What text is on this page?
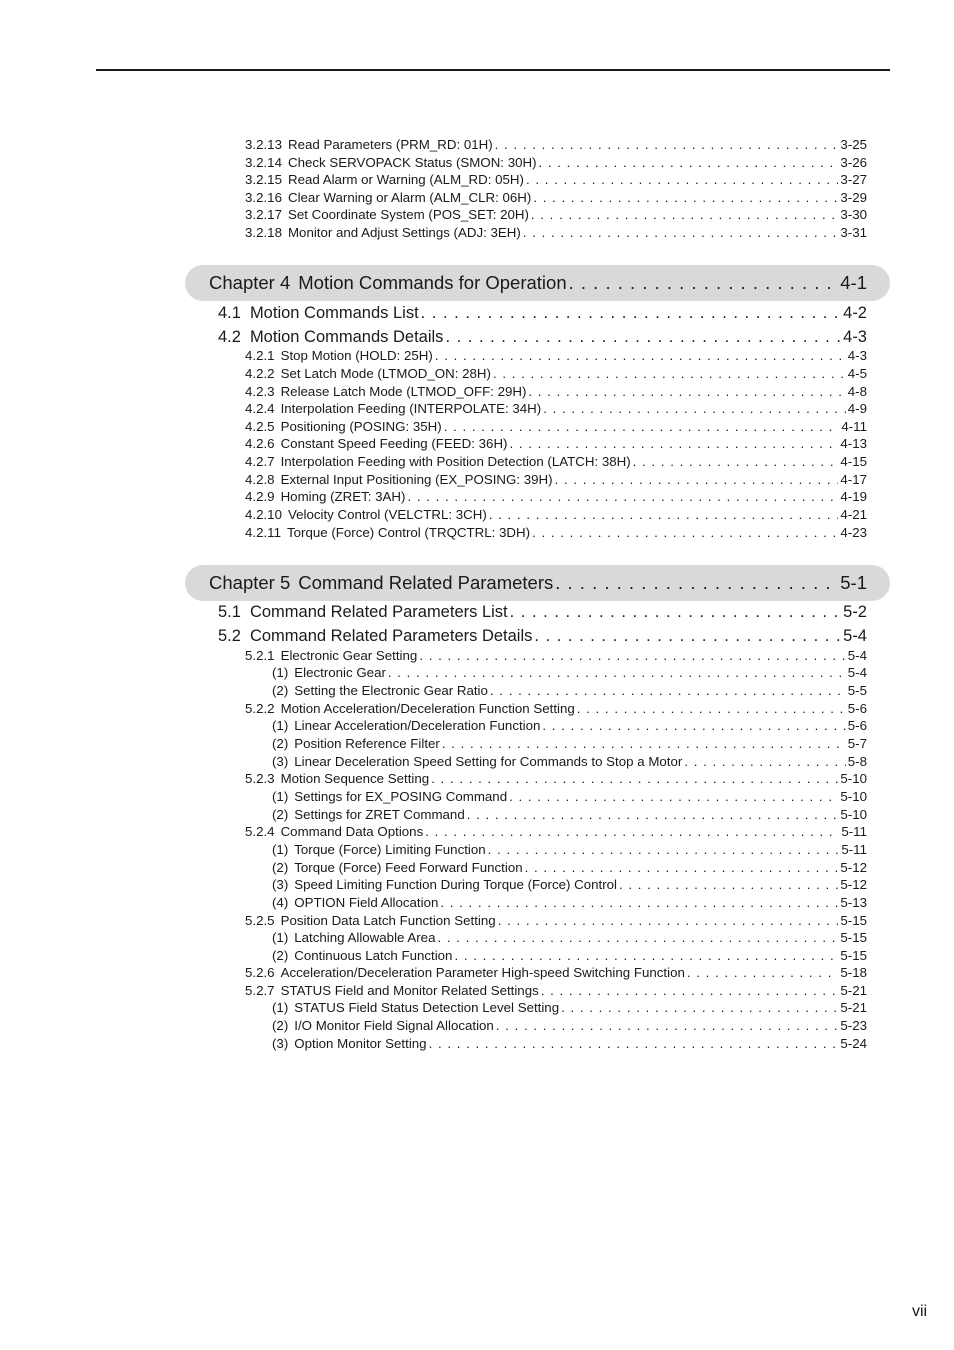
3.2.13 Read Parameters (PRM_RD: 01H) . . .	3-25
3.2.14 Check SERVOPACK Status (SMON: 30H) . . .	3-26
3.2.15 Read Alarm or Warning (ALM_RD: 05H) . . .	3-27
3.2.16 Clear Warning or Alarm (ALM_CLR: 06H) . . .	3-29
3.2.17 Set Coordinate System (POS_SET: 20H) . . .	3-30
3.2.18 Monitor and Adjust Settings (ADJ: 3EH) . . .	3-31
Chapter 4 Motion Commands for Operation . . .	4-1
4.1 Motion Commands List . . .	4-2
4.2 Motion Commands Details . . .	4-3
4.2.1 Stop Motion (HOLD: 25H) . . .	4-3
4.2.2 Set Latch Mode (LTMOD_ON: 28H) . . .	4-5
4.2.3 Release Latch Mode (LTMOD_OFF: 29H) . . .	4-8
4.2.4 Interpolation Feeding (INTERPOLATE: 34H) . . .	4-9
4.2.5 Positioning (POSING: 35H) . . .	4-11
4.2.6 Constant Speed Feeding (FEED: 36H) . . .	4-13
4.2.7 Interpolation Feeding with Position Detection (LATCH: 38H) . . .	4-15
4.2.8 External Input Positioning (EX_POSING: 39H) . . .	4-17
4.2.9 Homing (ZRET: 3AH) . . .	4-19
4.2.10 Velocity Control (VELCTRL: 3CH) . . .	4-21
4.2.11 Torque (Force) Control (TRQCTRL: 3DH) . . .	4-23
Chapter 5 Command Related Parameters . . .	5-1
5.1 Command Related Parameters List . . .	5-2
5.2 Command Related Parameters Details . . .	5-4
5.2.1 Electronic Gear Setting . . .	5-4
(1) Electronic Gear . . .	5-4
(2) Setting the Electronic Gear Ratio . . .	5-5
5.2.2 Motion Acceleration/Deceleration Function Setting . . .	5-6
(1) Linear Acceleration/Deceleration Function . . .	5-6
(2) Position Reference Filter . . .	5-7
(3) Linear Deceleration Speed Setting for Commands to Stop a Motor . . .	5-8
5.2.3 Motion Sequence Setting . . .	5-10
(1) Settings for EX_POSING Command . . .	5-10
(2) Settings for ZRET Command . . .	5-10
5.2.4 Command Data Options . . .	5-11
(1) Torque (Force) Limiting Function . . .	5-11
(2) Torque (Force) Feed Forward Function . . .	5-12
(3) Speed Limiting Function During Torque (Force) Control . . .	5-12
(4) OPTION Field Allocation . . .	5-13
5.2.5 Position Data Latch Function Setting . . .	5-15
(1) Latching Allowable Area . . .	5-15
(2) Continuous Latch Function . . .	5-15
5.2.6 Acceleration/Deceleration Parameter High-speed Switching Function . . .	5-18
5.2.7 STATUS Field and Monitor Related Settings . . .	5-21
(1) STATUS Field Status Detection Level Setting . . .	5-21
(2) I/O Monitor Field Signal Allocation . . .	5-23
(3) Option Monitor Setting . . .	5-24
vii
